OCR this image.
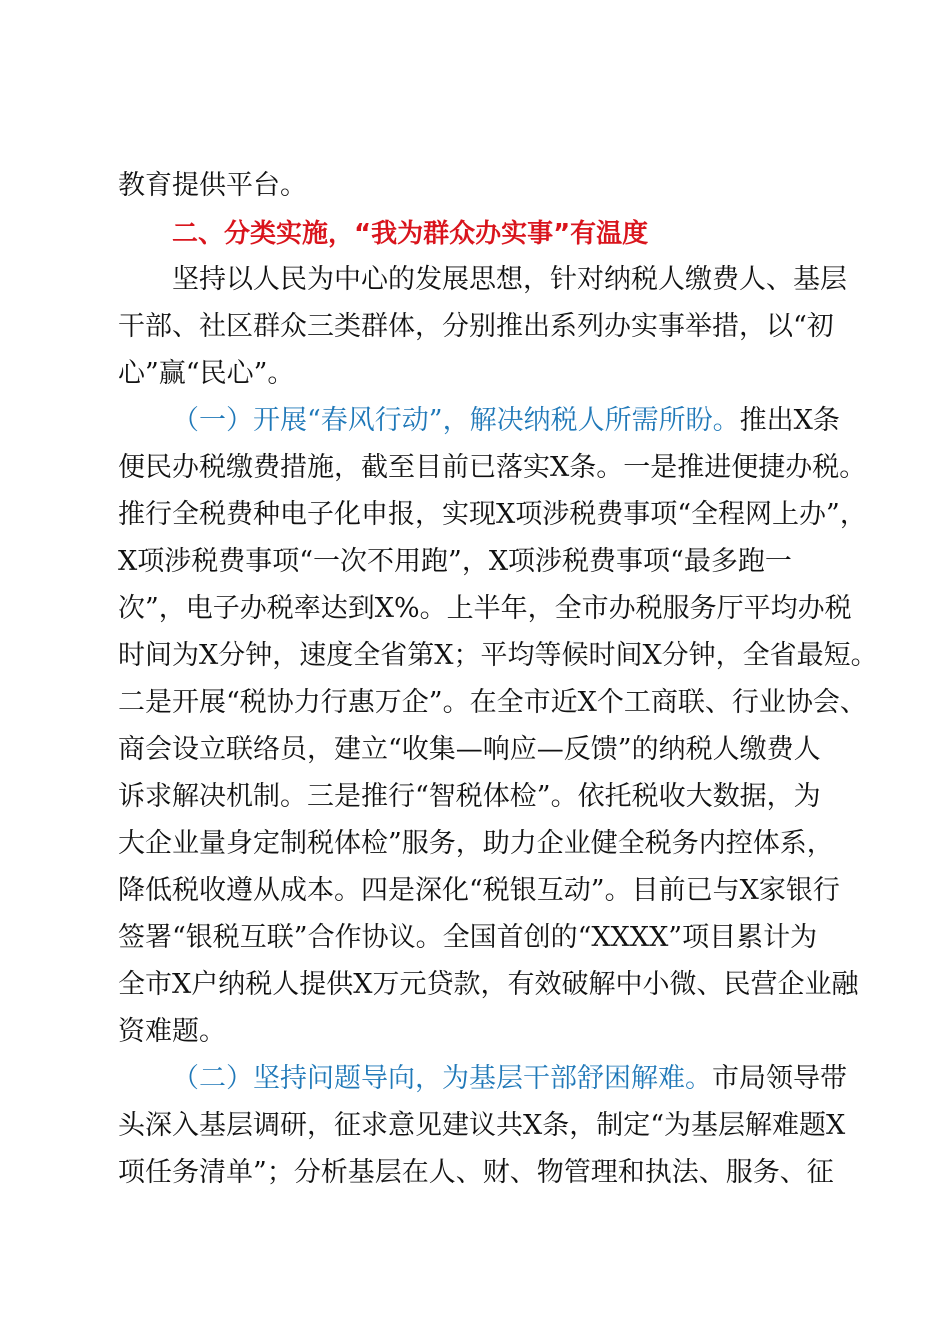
教育提供平台。
二、分类实施，“我为群众办实事”有温度
坚持以人民为中心的发展思想，针对纳税人缴费人、基层
干部、社区群众三类群体，分别推出系列办实事举措，以“初
心”赢“民心”。
（一）开展“春风行动”，解决纳税人所需所盼。推出X条
便民办税缴费措施，截至目前已落实X条。一是推进便捷办税。
推行全税费种电子化申报，实现X项涉税费事项“全程网上办”，
X项涉税费事项“一次不用跑”，X项涉税费事项“最多跑一
次”，电子办税率达到X%。上半年，全市办税服务厅平均办税
时间为X分钟，速度全省第X；平均等候时间X分钟，全省最短。
二是开展“税协力行惠万企”。在全市近X个工商联、行业协会、
商会设立联络员，建立“收集—响应—反馈”的纳税人缴费人
诉求解决机制。三是推行“智税体检”。依托税收大数据，为
大企业量身定制税体检”服务，助力企业健全税务内控体系，
降低税收遵从成本。四是深化“税银互动”。目前已与X家银行
签署“银税互联”合作协议。全国首创的“XXXX”项目累计为
全市X户纳税人提供X万元贷款，有效破解中小微、民营企业融
资难题。
（二）坚持问题导向，为基层干部舒困解难。市局领导带
头深入基层调研，征求意见建议共X条，制定“为基层解难题X
项任务清单”；分析基层在人、财、物管理和执法、服务、征
